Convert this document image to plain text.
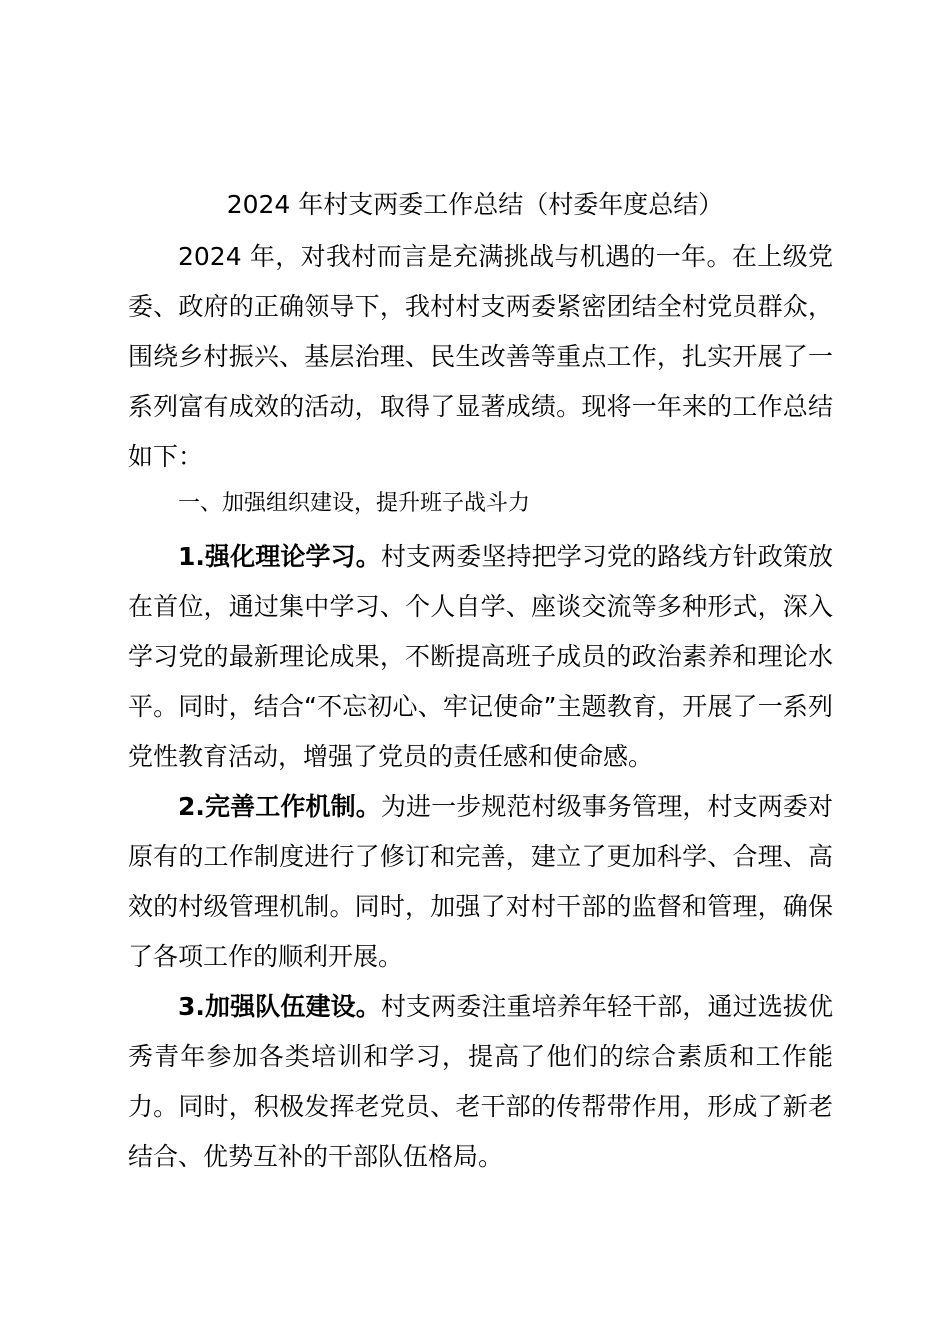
2024 年村支两委工作总结（村委年度总结）

2024 年，对我村而言是充满挑战与机遇的一年。在上级党委、政府的正确领导下，我村村支两委紧密团结全村党员群众，围绕乡村振兴、基层治理、民生改善等重点工作，扎实开展了一系列富有成效的活动，取得了显著成绩。现将一年来的工作总结如下：

一、加强组织建设，提升班子战斗力

1.强化理论学习。村支两委坚持把学习党的路线方针政策放在首位，通过集中学习、个人自学、座谈交流等多种形式，深入学习党的最新理论成果，不断提高班子成员的政治素养和理论水平。同时，结合“不忘初心、牢记使命”主题教育，开展了一系列党性教育活动，增强了党员的责任感和使命感。

2.完善工作机制。为进一步规范村级事务管理，村支两委对原有的工作制度进行了修订和完善，建立了更加科学、合理、高效的村级管理机制。同时，加强了对村干部的监督和管理，确保了各项工作的顺利开展。

3.加强队伍建设。村支两委注重培养年轻干部，通过选拔优秀青年参加各类培训和学习，提高了他们的综合素质和工作能力。同时，积极发挥老党员、老干部的传帮带作用，形成了新老结合、优势互补的干部队伍格局。
